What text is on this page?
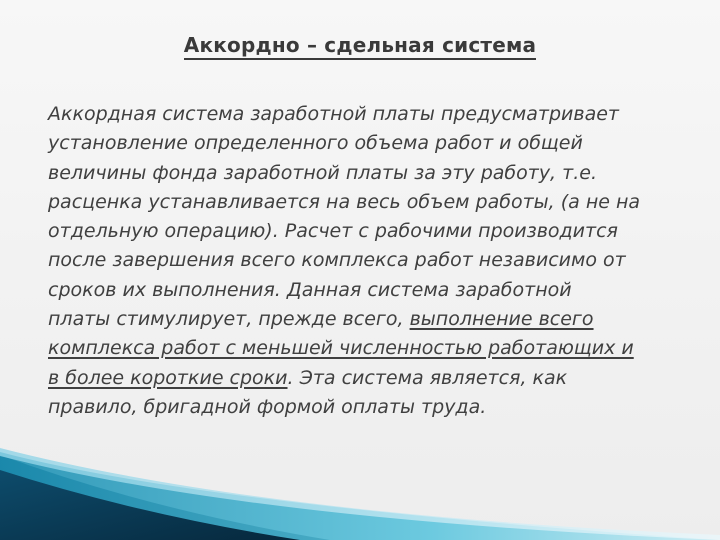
Аккордно – сдельная система

Аккордная система заработной платы предусматривает
установление определенного объема работ и общей
величины фонда заработной платы за эту работу, т.е.
расценка устанавливается на весь объем работы, (а не на
отдельную операцию). Расчет с рабочими производится
после завершения всего комплекса работ независимо от
сроков их выполнения. Данная система заработной
платы стимулирует, прежде всего, выполнение всего
комплекса работ с меньшей численностью работающих и
в более короткие сроки. Эта система является, как
правило, бригадной формой оплаты труда.
